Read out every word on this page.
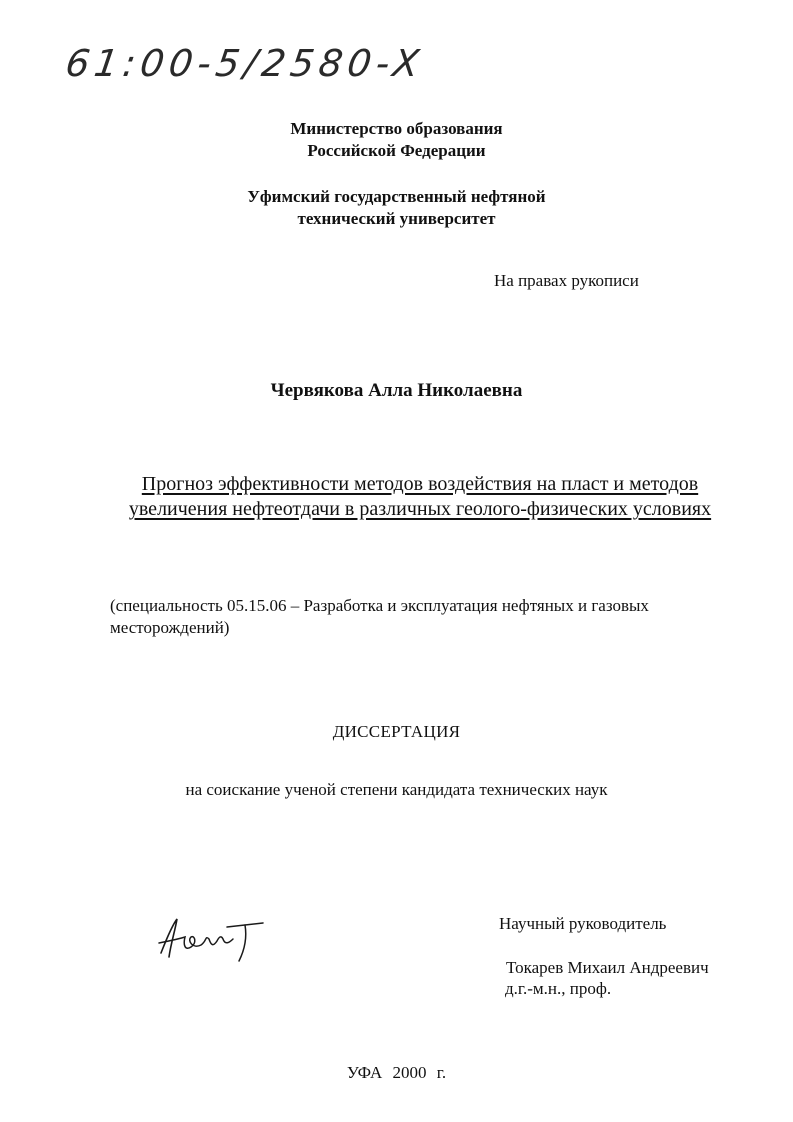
61:00-5/2580-X
Министерство образования
Российской Федерации
Уфимский государственный нефтяной
технический университет
На правах рукописи
Червякова Алла Николаевна
Прогноз эффективности методов воздействия на пласт и методов
увеличения нефтеотдачи в различных геолого-физических условиях
(специальность 05.15.06 – Разработка и эксплуатация нефтяных и газовых месторождений)
ДИССЕРТАЦИЯ
на соискание ученой степени кандидата технических наук
Научный руководитель
Токарев Михаил Андреевич
д.г.-м.н., проф.
УФА 2000 г.
